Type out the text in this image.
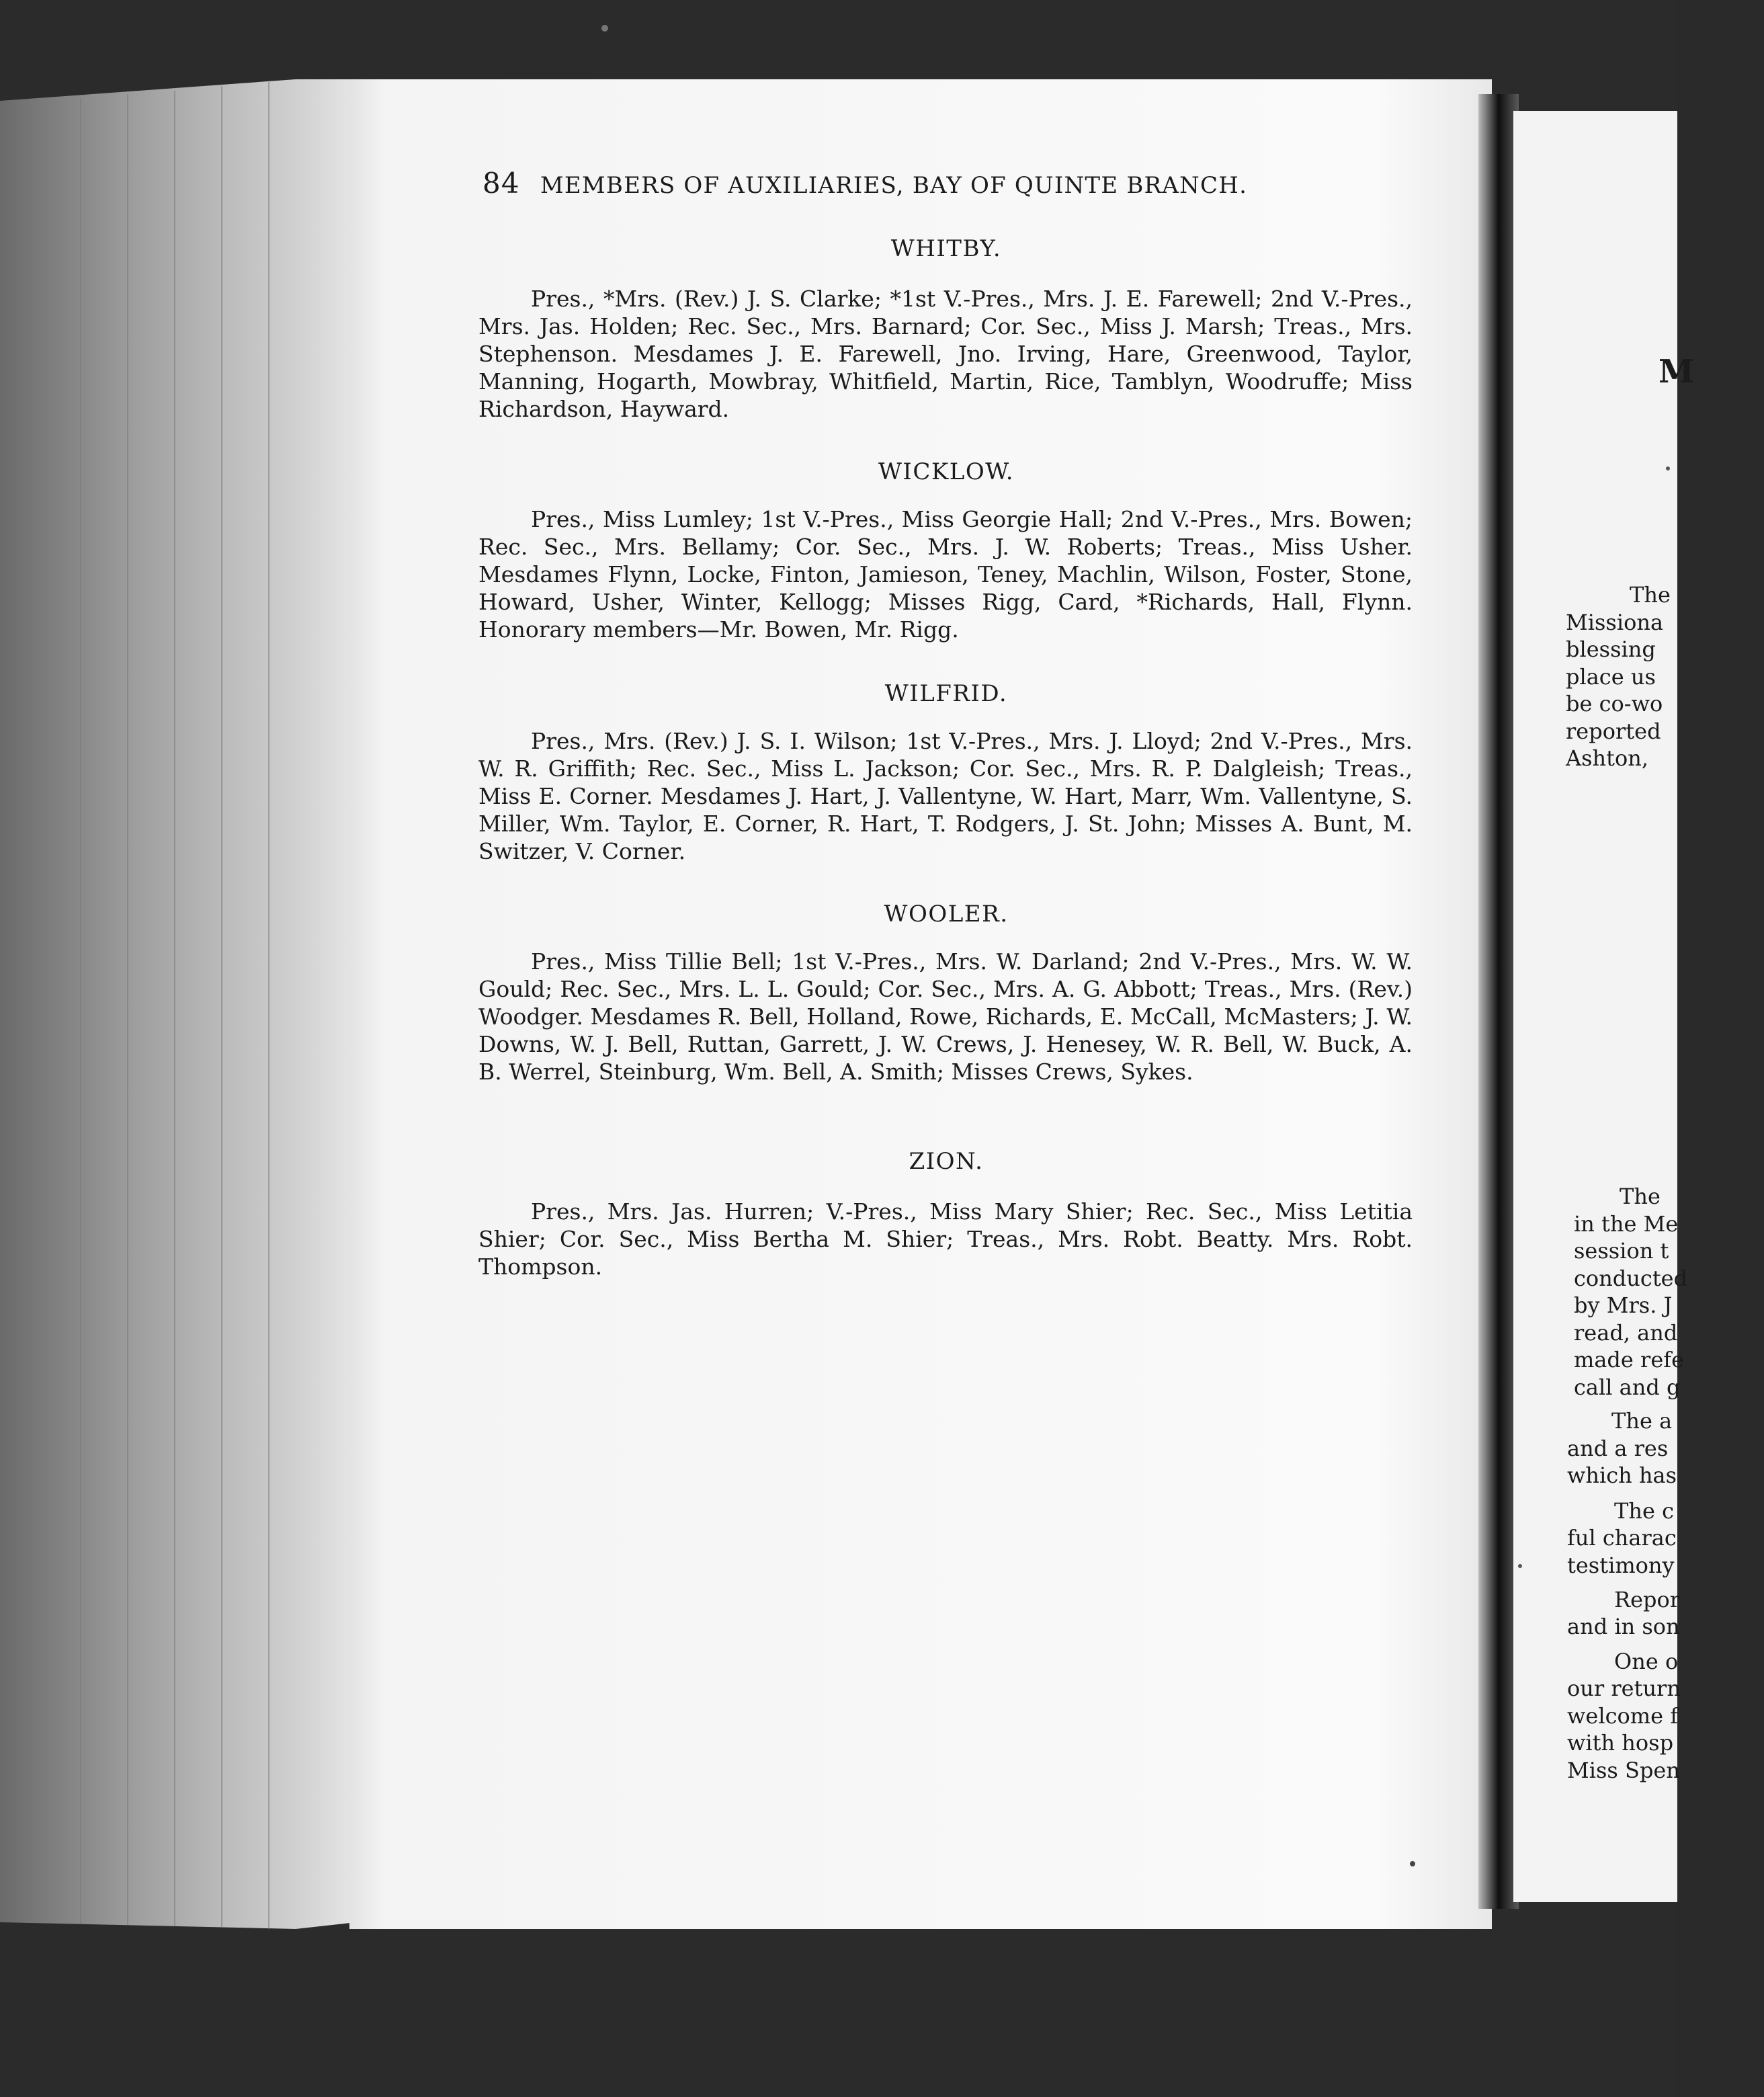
84 MEMBERS OF AUXILIARIES, BAY OF QUINTE BRANCH.
WHITBY.
Pres., *Mrs. (Rev.) J. S. Clarke; *1st V.-Pres., Mrs. J. E. Farewell; 2nd V.-Pres., Mrs. Jas. Holden; Rec. Sec., Mrs. Barnard; Cor. Sec., Miss J. Marsh; Treas., Mrs. Stephenson. Mesdames J. E. Farewell, Jno. Irving, Hare, Greenwood, Taylor, Manning, Hogarth, Mowbray, Whitfield, Martin, Rice, Tamblyn, Woodruffe; Miss Richardson, Hayward.
WICKLOW.
Pres., Miss Lumley; 1st V.-Pres., Miss Georgie Hall; 2nd V.-Pres., Mrs. Bowen; Rec. Sec., Mrs. Bellamy; Cor. Sec., Mrs. J. W. Roberts; Treas., Miss Usher. Mesdames Flynn, Locke, Finton, Jamieson, Teney, Machlin, Wilson, Foster, Stone, Howard, Usher, Winter, Kellogg; Misses Rigg, Card, *Richards, Hall, Flynn. Honorary members—Mr. Bowen, Mr. Rigg.
WILFRID.
Pres., Mrs. (Rev.) J. S. I. Wilson; 1st V.-Pres., Mrs. J. Lloyd; 2nd V.-Pres., Mrs. W. R. Griffith; Rec. Sec., Miss L. Jackson; Cor. Sec., Mrs. R. P. Dalgleish; Treas., Miss E. Corner. Mesdames J. Hart, J. Vallentyne, W. Hart, Marr, Wm. Vallentyne, S. Miller, Wm. Taylor, E. Corner, R. Hart, T. Rodgers, J. St. John; Misses A. Bunt, M. Switzer, V. Corner.
WOOLER.
Pres., Miss Tillie Bell; 1st V.-Pres., Mrs. W. Darland; 2nd V.-Pres., Mrs. W. W. Gould; Rec. Sec., Mrs. L. L. Gould; Cor. Sec., Mrs. A. G. Abbott; Treas., Mrs. (Rev.) Woodger. Mesdames R. Bell, Holland, Rowe, Richards, E. McCall, McMasters; J. W. Downs, W. J. Bell, Ruttan, Garrett, J. W. Crews, J. Henesey, W. R. Bell, W. Buck, A. B. Werrel, Steinburg, Wm. Bell, A. Smith; Misses Crews, Sykes.
ZION.
Pres., Mrs. Jas. Hurren; V.-Pres., Miss Mary Shier; Rec. Sec., Miss Letitia Shier; Cor. Sec., Miss Bertha M. Shier; Treas., Mrs. Robt. Beatty. Mrs. Robt. Thompson.
M
The
Missiona
blessing
place us
be co-wo
reported
Ashton,
The
in the Me
session t
conducted
by Mrs. J
read, and
made refe
call and g
The a
and a res
which has
The c
ful charac
testimony
Repor
and in son
One o
our return
welcome f
with hosp
Miss Spen
